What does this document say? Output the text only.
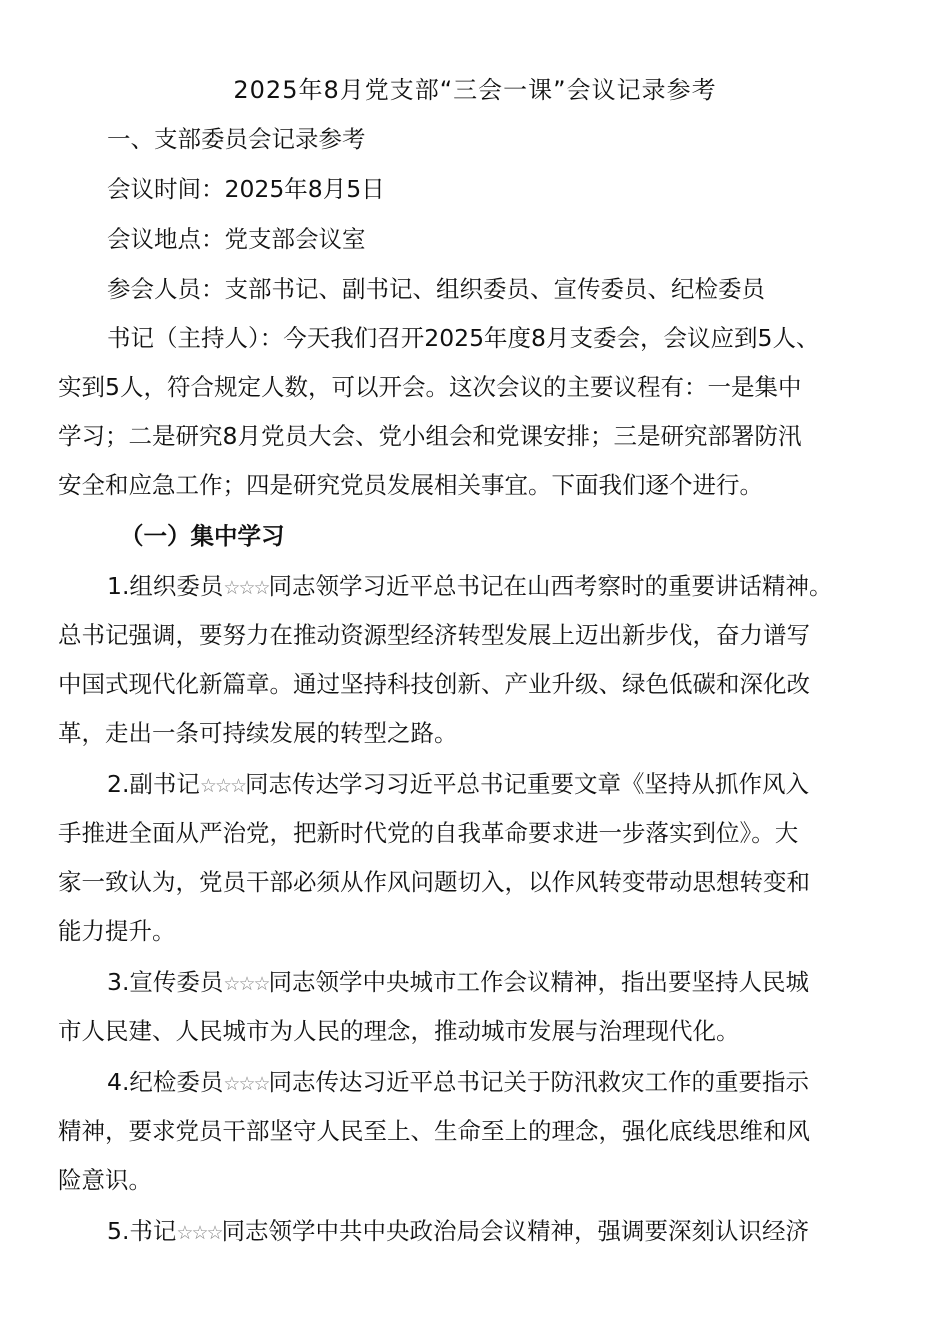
2025年8月党支部“三会一课”会议记录参考
一、支部委员会记录参考
会议时间：2025年8月5日
会议地点：党支部会议室
参会人员：支部书记、副书记、组织委员、宣传委员、纪检委员
书记（主持人）：今天我们召开2025年度8月支委会，会议应到5人、
实到5人，符合规定人数，可以开会。这次会议的主要议程有：一是集中
学习；二是研究8月党员大会、党小组会和党课安排；三是研究部署防汛
安全和应急工作；四是研究党员发展相关事宜。下面我们逐个进行。
（一）集中学习
1.组织委员☆☆☆同志领学习近平总书记在山西考察时的重要讲话精神。
总书记强调，要努力在推动资源型经济转型发展上迈出新步伐，奋力谱写
中国式现代化新篇章。通过坚持科技创新、产业升级、绿色低碳和深化改
革，走出一条可持续发展的转型之路。
2.副书记☆☆☆同志传达学习习近平总书记重要文章《坚持从抓作风入
手推进全面从严治党，把新时代党的自我革命要求进一步落实到位》。大
家一致认为，党员干部必须从作风问题切入，以作风转变带动思想转变和
能力提升。
3.宣传委员☆☆☆同志领学中央城市工作会议精神，指出要坚持人民城
市人民建、人民城市为人民的理念，推动城市发展与治理现代化。
4.纪检委员☆☆☆同志传达习近平总书记关于防汛救灾工作的重要指示
精神，要求党员干部坚守人民至上、生命至上的理念，强化底线思维和风
险意识。
5.书记☆☆☆同志领学中共中央政治局会议精神，强调要深刻认识经济
